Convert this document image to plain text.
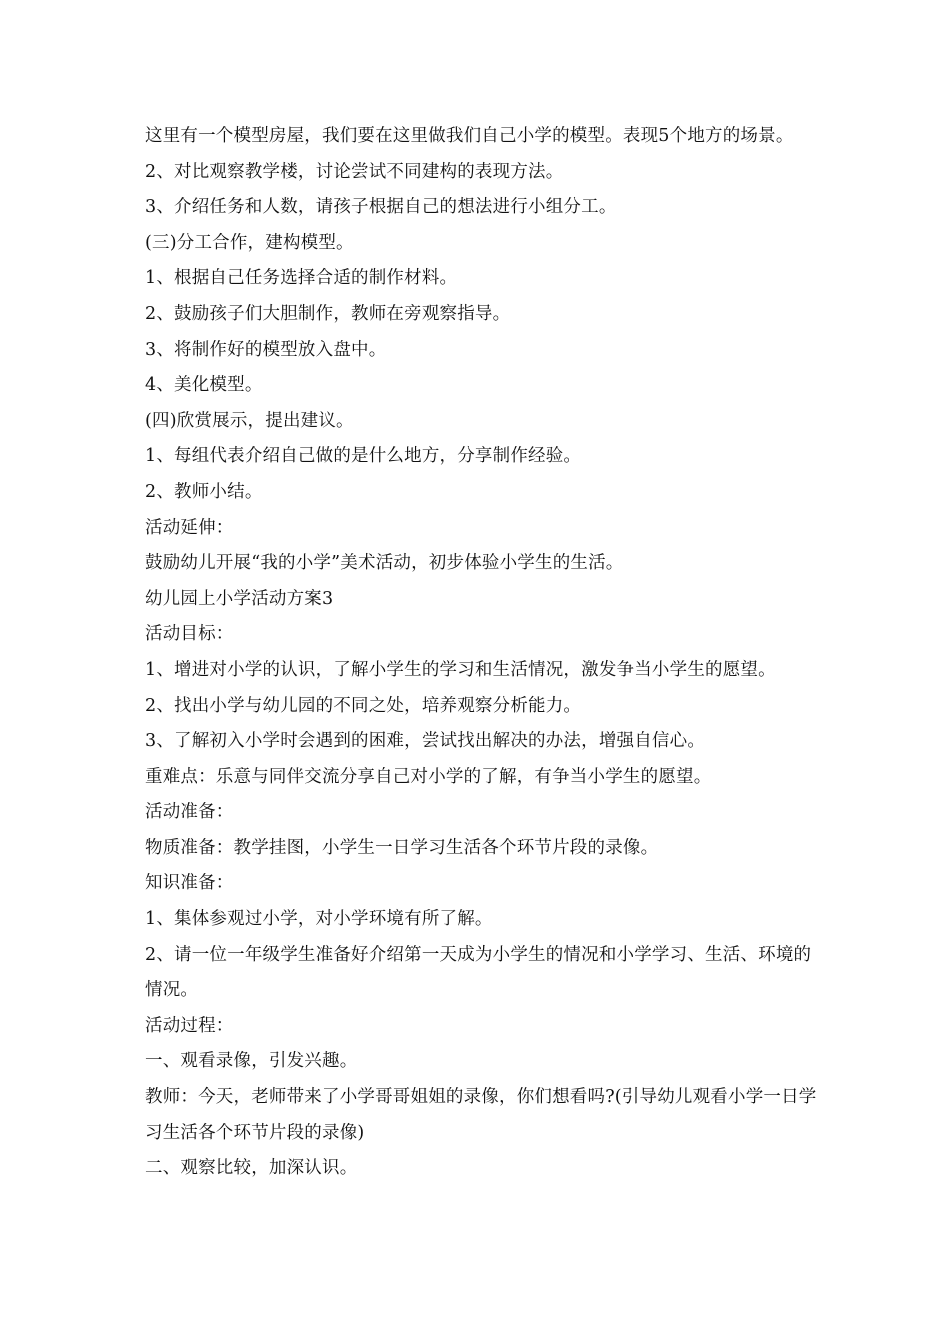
这里有一个模型房屋，我们要在这里做我们自己小学的模型。表现5个地方的场景。

2、对比观察教学楼，讨论尝试不同建构的表现方法。

3、介绍任务和人数，请孩子根据自己的想法进行小组分工。

(三)分工合作，建构模型。

1、根据自己任务选择合适的制作材料。

2、鼓励孩子们大胆制作，教师在旁观察指导。

3、将制作好的模型放入盘中。

4、美化模型。

(四)欣赏展示，提出建议。

1、每组代表介绍自己做的是什么地方，分享制作经验。

2、教师小结。

活动延伸：

鼓励幼儿开展“我的小学”美术活动，初步体验小学生的生活。

幼儿园上小学活动方案3

活动目标：

1、增进对小学的认识，了解小学生的学习和生活情况，激发争当小学生的愿望。

2、找出小学与幼儿园的不同之处，培养观察分析能力。

3、了解初入小学时会遇到的困难，尝试找出解决的办法，增强自信心。

重难点：乐意与同伴交流分享自己对小学的了解，有争当小学生的愿望。

活动准备：

物质准备：教学挂图，小学生一日学习生活各个环节片段的录像。

知识准备：

1、集体参观过小学，对小学环境有所了解。

2、请一位一年级学生准备好介绍第一天成为小学生的情况和小学学习、生活、环境的情况。

活动过程：

一、观看录像，引发兴趣。

教师：今天，老师带来了小学哥哥姐姐的录像，你们想看吗?(引导幼儿观看小学一日学习生活各个环节片段的录像)

二、观察比较，加深认识。
